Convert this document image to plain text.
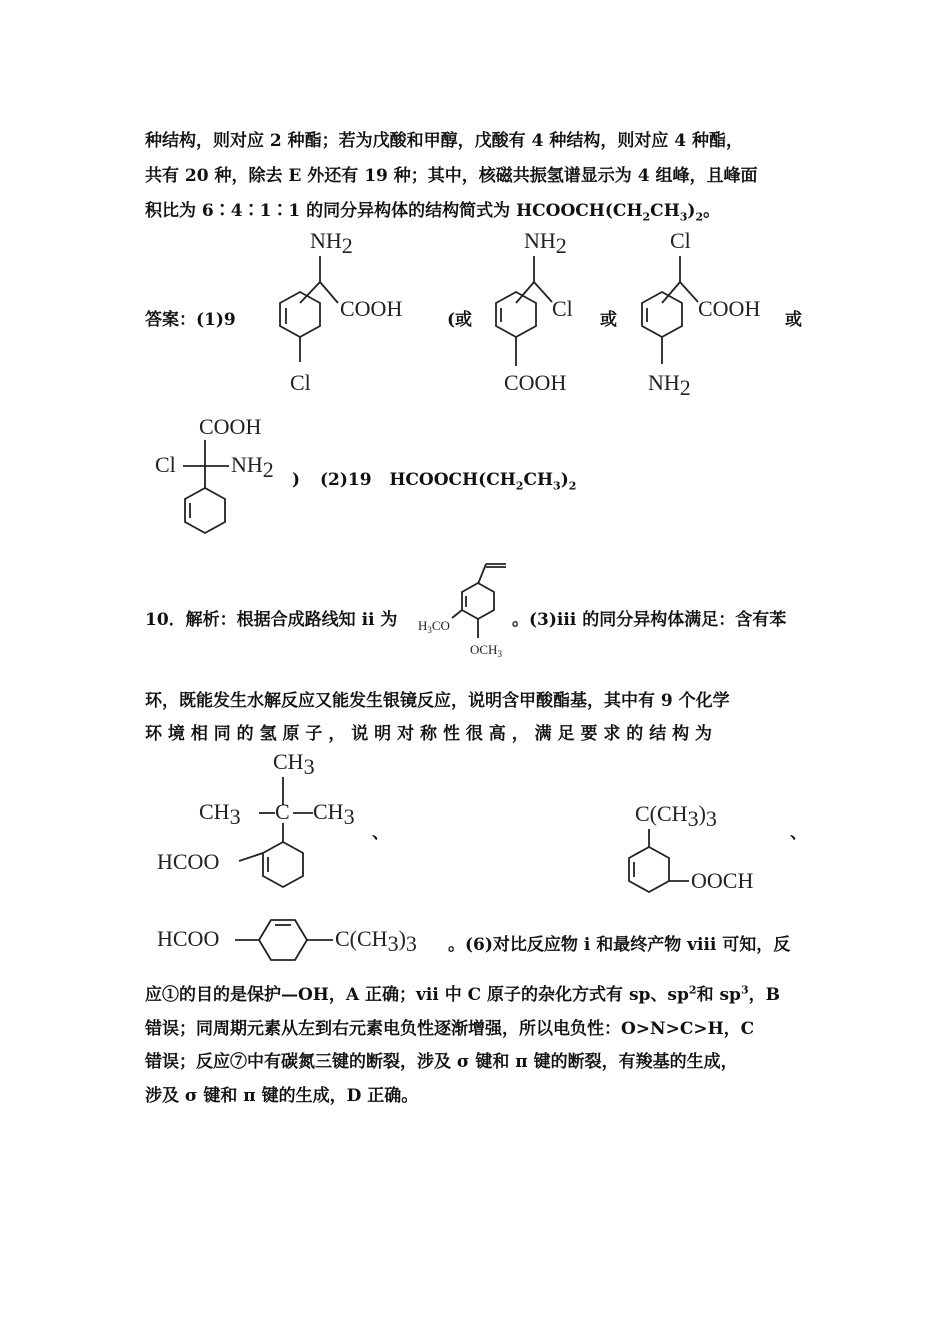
种结构，则对应 2 种酯；若为戊酸和甲醇，戊酸有 4 种结构，则对应 4 种酯，
共有 20 种，除去 E 外还有 19 种；其中，核磁共振氢谱显示为 4 组峰，且峰面
积比为 6∶4∶1∶1 的同分异构体的结构简式为 $HCOOCH(CH_2CH_3)_2$。
答案：(1)9	(或	或	或
NH2
COOH
Cl
NH2
Cl
COOH
Cl
COOH
NH2
COOH
Cl	NH2 ) (2)19 $HCOOCH(CH_2CH_3)_2$
10．解析：根据合成路线知 ⅱ 为 $H_3CO$
$OCH_3$
。(3)ⅲ 的同分异构体满足：含有苯
环，既能发生水解反应又能发生银镜反应，说明含甲酸酯基，其中有 9 个化学
环 境 相 同 的 氢 原 子 ， 说 明 对 称 性 很 高 ， 满 足 要 求 的 结 构 为
CH3
CH3 C CH3
HCOO
、
C(CH3)3
OOCH
、
HCOO	C(CH3)3 。(6)对比反应物 ⅰ 和最终产物 ⅷ 可知，反
应①的目的是保护—OH，A 正确；ⅶ 中 C 原子的杂化方式有 sp、$sp^2$和 $sp^3$，B
错误；同周期元素从左到右元素电负性逐渐增强，所以电负性：O>N>C>H，C
错误；反应⑦中有碳氮三键的断裂，涉及 σ 键和 π 键的断裂，有羧基的生成，
涉及 σ 键和 π 键的生成，D 正确。
